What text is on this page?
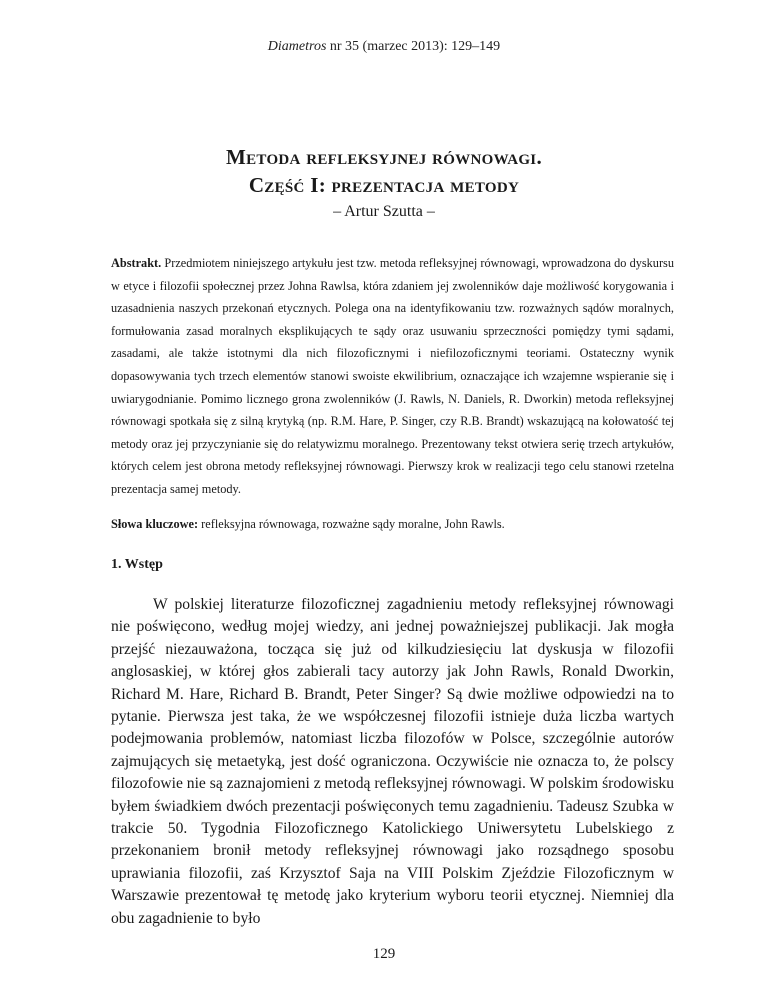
Diametros nr 35 (marzec 2013): 129–149
Metoda refleksyjnej równowagi.
Część I: prezentacja metody
– Artur Szutta –
Abstrakt. Przedmiotem niniejszego artykułu jest tzw. metoda refleksyjnej równowagi, wprowadzona do dyskursu w etyce i filozofii społecznej przez Johna Rawlsa, która zdaniem jej zwolenników daje możliwość korygowania i uzasadnienia naszych przekonań etycznych. Polega ona na identyfikowaniu tzw. rozważnych sądów moralnych, formułowania zasad moralnych eksplikujących te sądy oraz usuwaniu sprzeczności pomiędzy tymi sądami, zasadami, ale także istotnymi dla nich filozoficznymi i niefilozoficznymi teoriami. Ostateczny wynik dopasowywania tych trzech elementów stanowi swoiste ekwilibrium, oznaczające ich wzajemne wspieranie się i uwiarygodnianie. Pomimo licznego grona zwolenników (J. Rawls, N. Daniels, R. Dworkin) metoda refleksyjnej równowagi spotkała się z silną krytyką (np. R.M. Hare, P. Singer, czy R.B. Brandt) wskazującą na kołowatość tej metody oraz jej przyczynianie się do relatywizmu moralnego. Prezentowany tekst otwiera serię trzech artykułów, których celem jest obrona metody refleksyjnej równowagi. Pierwszy krok w realizacji tego celu stanowi rzetelna prezentacja samej metody.
Słowa kluczowe: refleksyjna równowaga, rozważne sądy moralne, John Rawls.
1. Wstęp

W polskiej literaturze filozoficznej zagadnieniu metody refleksyjnej równowagi nie poświęcono, według mojej wiedzy, ani jednej poważniejszej publikacji. Jak mogła przejść niezauważona, tocząca się już od kilkudziesięciu lat dyskusja w filozofii anglosaskiej, w której głos zabierali tacy autorzy jak John Rawls, Ronald Dworkin, Richard M. Hare, Richard B. Brandt, Peter Singer? Są dwie możliwe odpowiedzi na to pytanie. Pierwsza jest taka, że we współczesnej filozofii istnieje duża liczba wartych podejmowania problemów, natomiast liczba filozofów w Polsce, szczególnie autorów zajmujących się metaetyką, jest dość ograniczona. Oczywiście nie oznacza to, że polscy filozofowie nie są zaznajomieni z metodą refleksyjnej równowagi. W polskim środowisku byłem świadkiem dwóch prezentacji poświęconych temu zagadnieniu. Tadeusz Szubka w trakcie 50. Tygodnia Filozoficznego Katolickiego Uniwersytetu Lubelskiego z przekonaniem bronił metody refleksyjnej równowagi jako rozsądnego sposobu uprawiania filozofii, zaś Krzysztof Saja na VIII Polskim Zjeździe Filozoficznym w Warszawie prezentował tę metodę jako kryterium wyboru teorii etycznej. Niemniej dla obu zagadnienie to było

129
